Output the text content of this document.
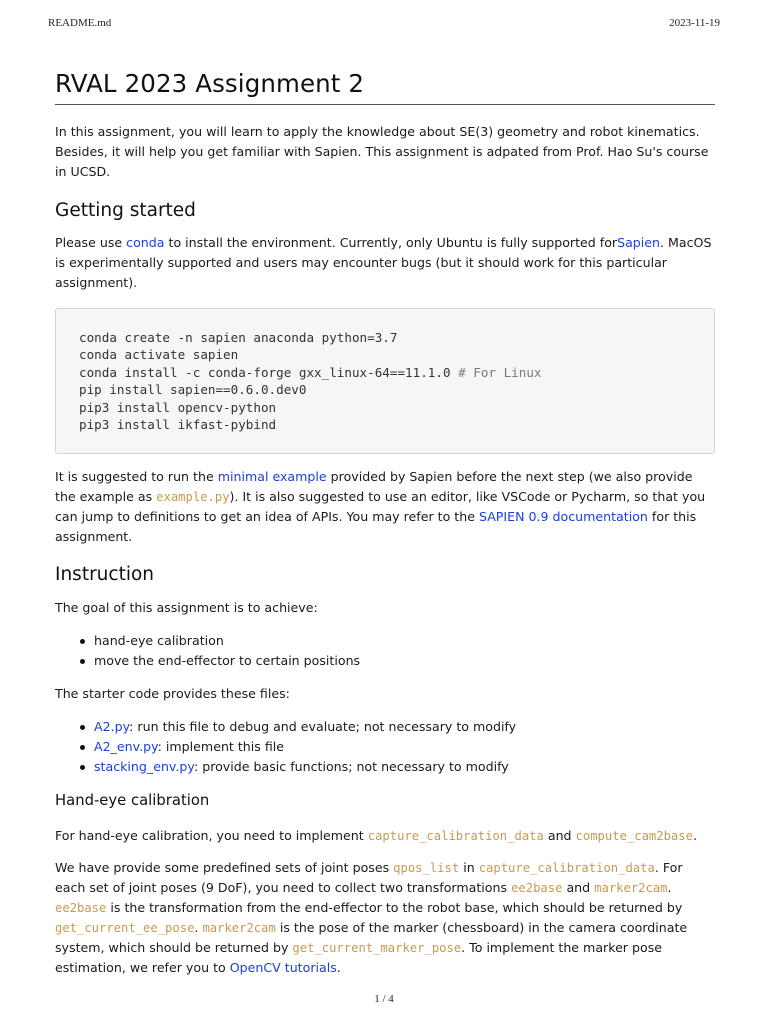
README.md	2023-11-19
RVAL 2023 Assignment 2

In this assignment, you will learn to apply the knowledge about SE(3) geometry and robot kinematics. Besides, it will help you get familiar with Sapien. This assignment is adpated from Prof. Hao Su's course in UCSD.

Getting started

Please use conda to install the environment. Currently, only Ubuntu is fully supported forSapien. MacOS is experimentally supported and users may encounter bugs (but it should work for this particular assignment).

conda create -n sapien anaconda python=3.7
conda activate sapien
conda install -c conda-forge gxx_linux-64==11.1.0 # For Linux
pip install sapien==0.6.0.dev0
pip3 install opencv-python
pip3 install ikfast-pybind

It is suggested to run the minimal example provided by Sapien before the next step (we also provide the example as example.py). It is also suggested to use an editor, like VSCode or Pycharm, so that you can jump to definitions to get an idea of APIs. You may refer to the SAPIEN 0.9 documentation for this assignment.

Instruction

The goal of this assignment is to achieve:

hand-eye calibration
move the end-effector to certain positions

The starter code provides these files:

A2.py: run this file to debug and evaluate; not necessary to modify
A2_env.py: implement this file
stacking_env.py: provide basic functions; not necessary to modify
Hand-eye calibration

For hand-eye calibration, you need to implement capture_calibration_data and compute_cam2base.

We have provide some predefined sets of joint poses qpos_list in capture_calibration_data. For each set of joint poses (9 DoF), you need to collect two transformations ee2base and marker2cam. ee2base is the transformation from the end-effector to the robot base, which should be returned by get_current_ee_pose. marker2cam is the pose of the marker (chessboard) in the camera coordinate system, which should be returned by get_current_marker_pose. To implement the marker pose estimation, we refer you to OpenCV tutorials.

1 / 4
